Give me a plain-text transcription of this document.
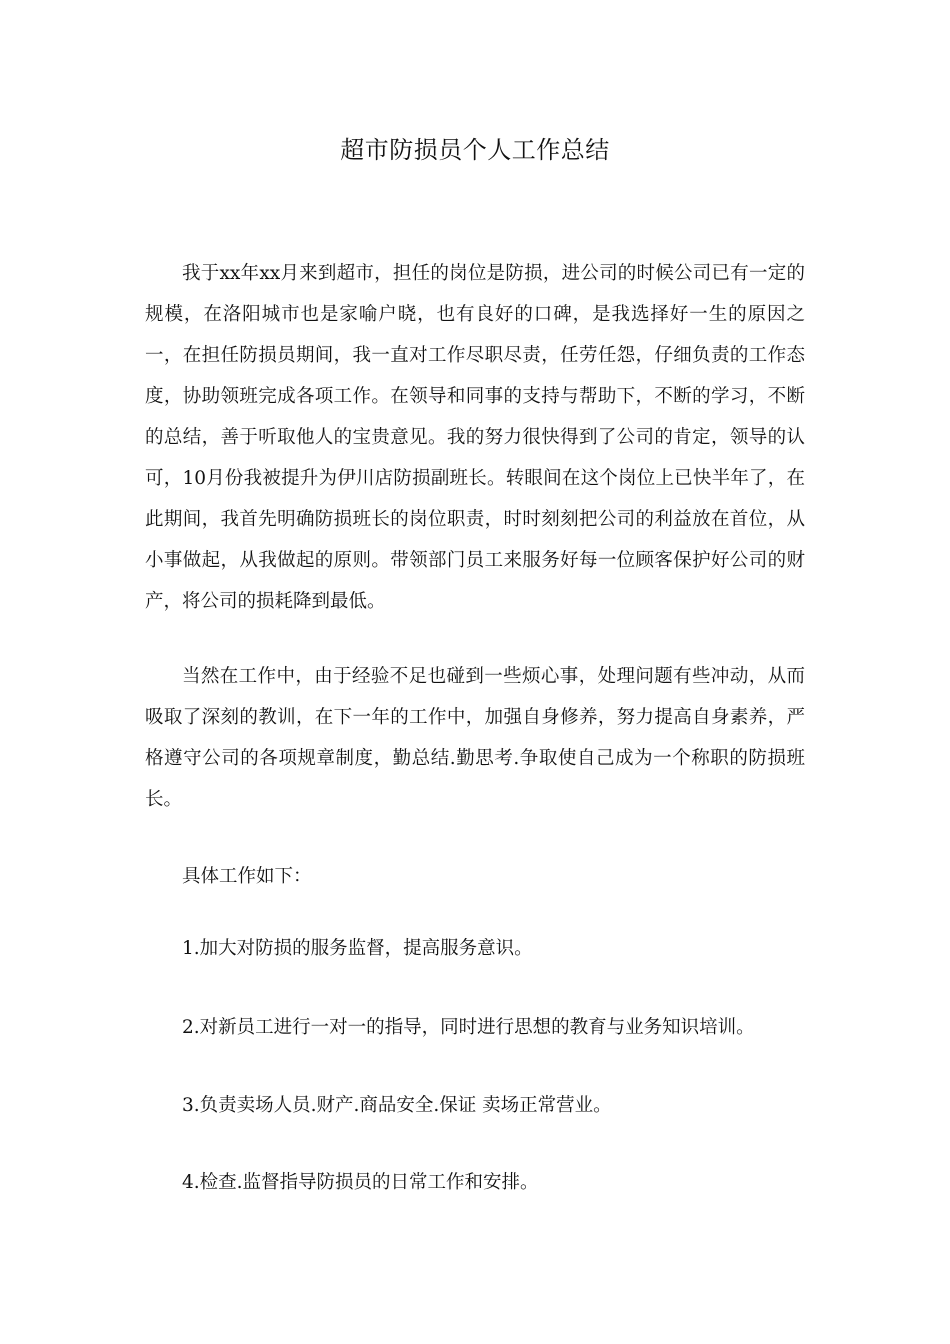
超市防损员个人工作总结

我于xx年xx月来到超市，担任的岗位是防损，进公司的时候公司已有一定的规模，在洛阳城市也是家喻户晓，也有良好的口碑，是我选择好一生的原因之一，在担任防损员期间，我一直对工作尽职尽责，任劳任怨，仔细负责的工作态度，协助领班完成各项工作。在领导和同事的支持与帮助下，不断的学习，不断的总结，善于听取他人的宝贵意见。我的努力很快得到了公司的肯定，领导的认可，10月份我被提升为伊川店防损副班长。转眼间在这个岗位上已快半年了，在此期间，我首先明确防损班长的岗位职责，时时刻刻把公司的利益放在首位，从小事做起，从我做起的原则。带领部门员工来服务好每一位顾客保护好公司的财产，将公司的损耗降到最低。

当然在工作中，由于经验不足也碰到一些烦心事，处理问题有些冲动，从而吸取了深刻的教训，在下一年的工作中，加强自身修养，努力提高自身素养，严格遵守公司的各项规章制度，勤总结.勤思考.争取使自己成为一个称职的防损班长。

具体工作如下：

1.加大对防损的服务监督，提高服务意识。

2.对新员工进行一对一的指导，同时进行思想的教育与业务知识培训。

3.负责卖场人员.财产.商品安全.保证 卖场正常营业。

4.检查.监督指导防损员的日常工作和安排。
